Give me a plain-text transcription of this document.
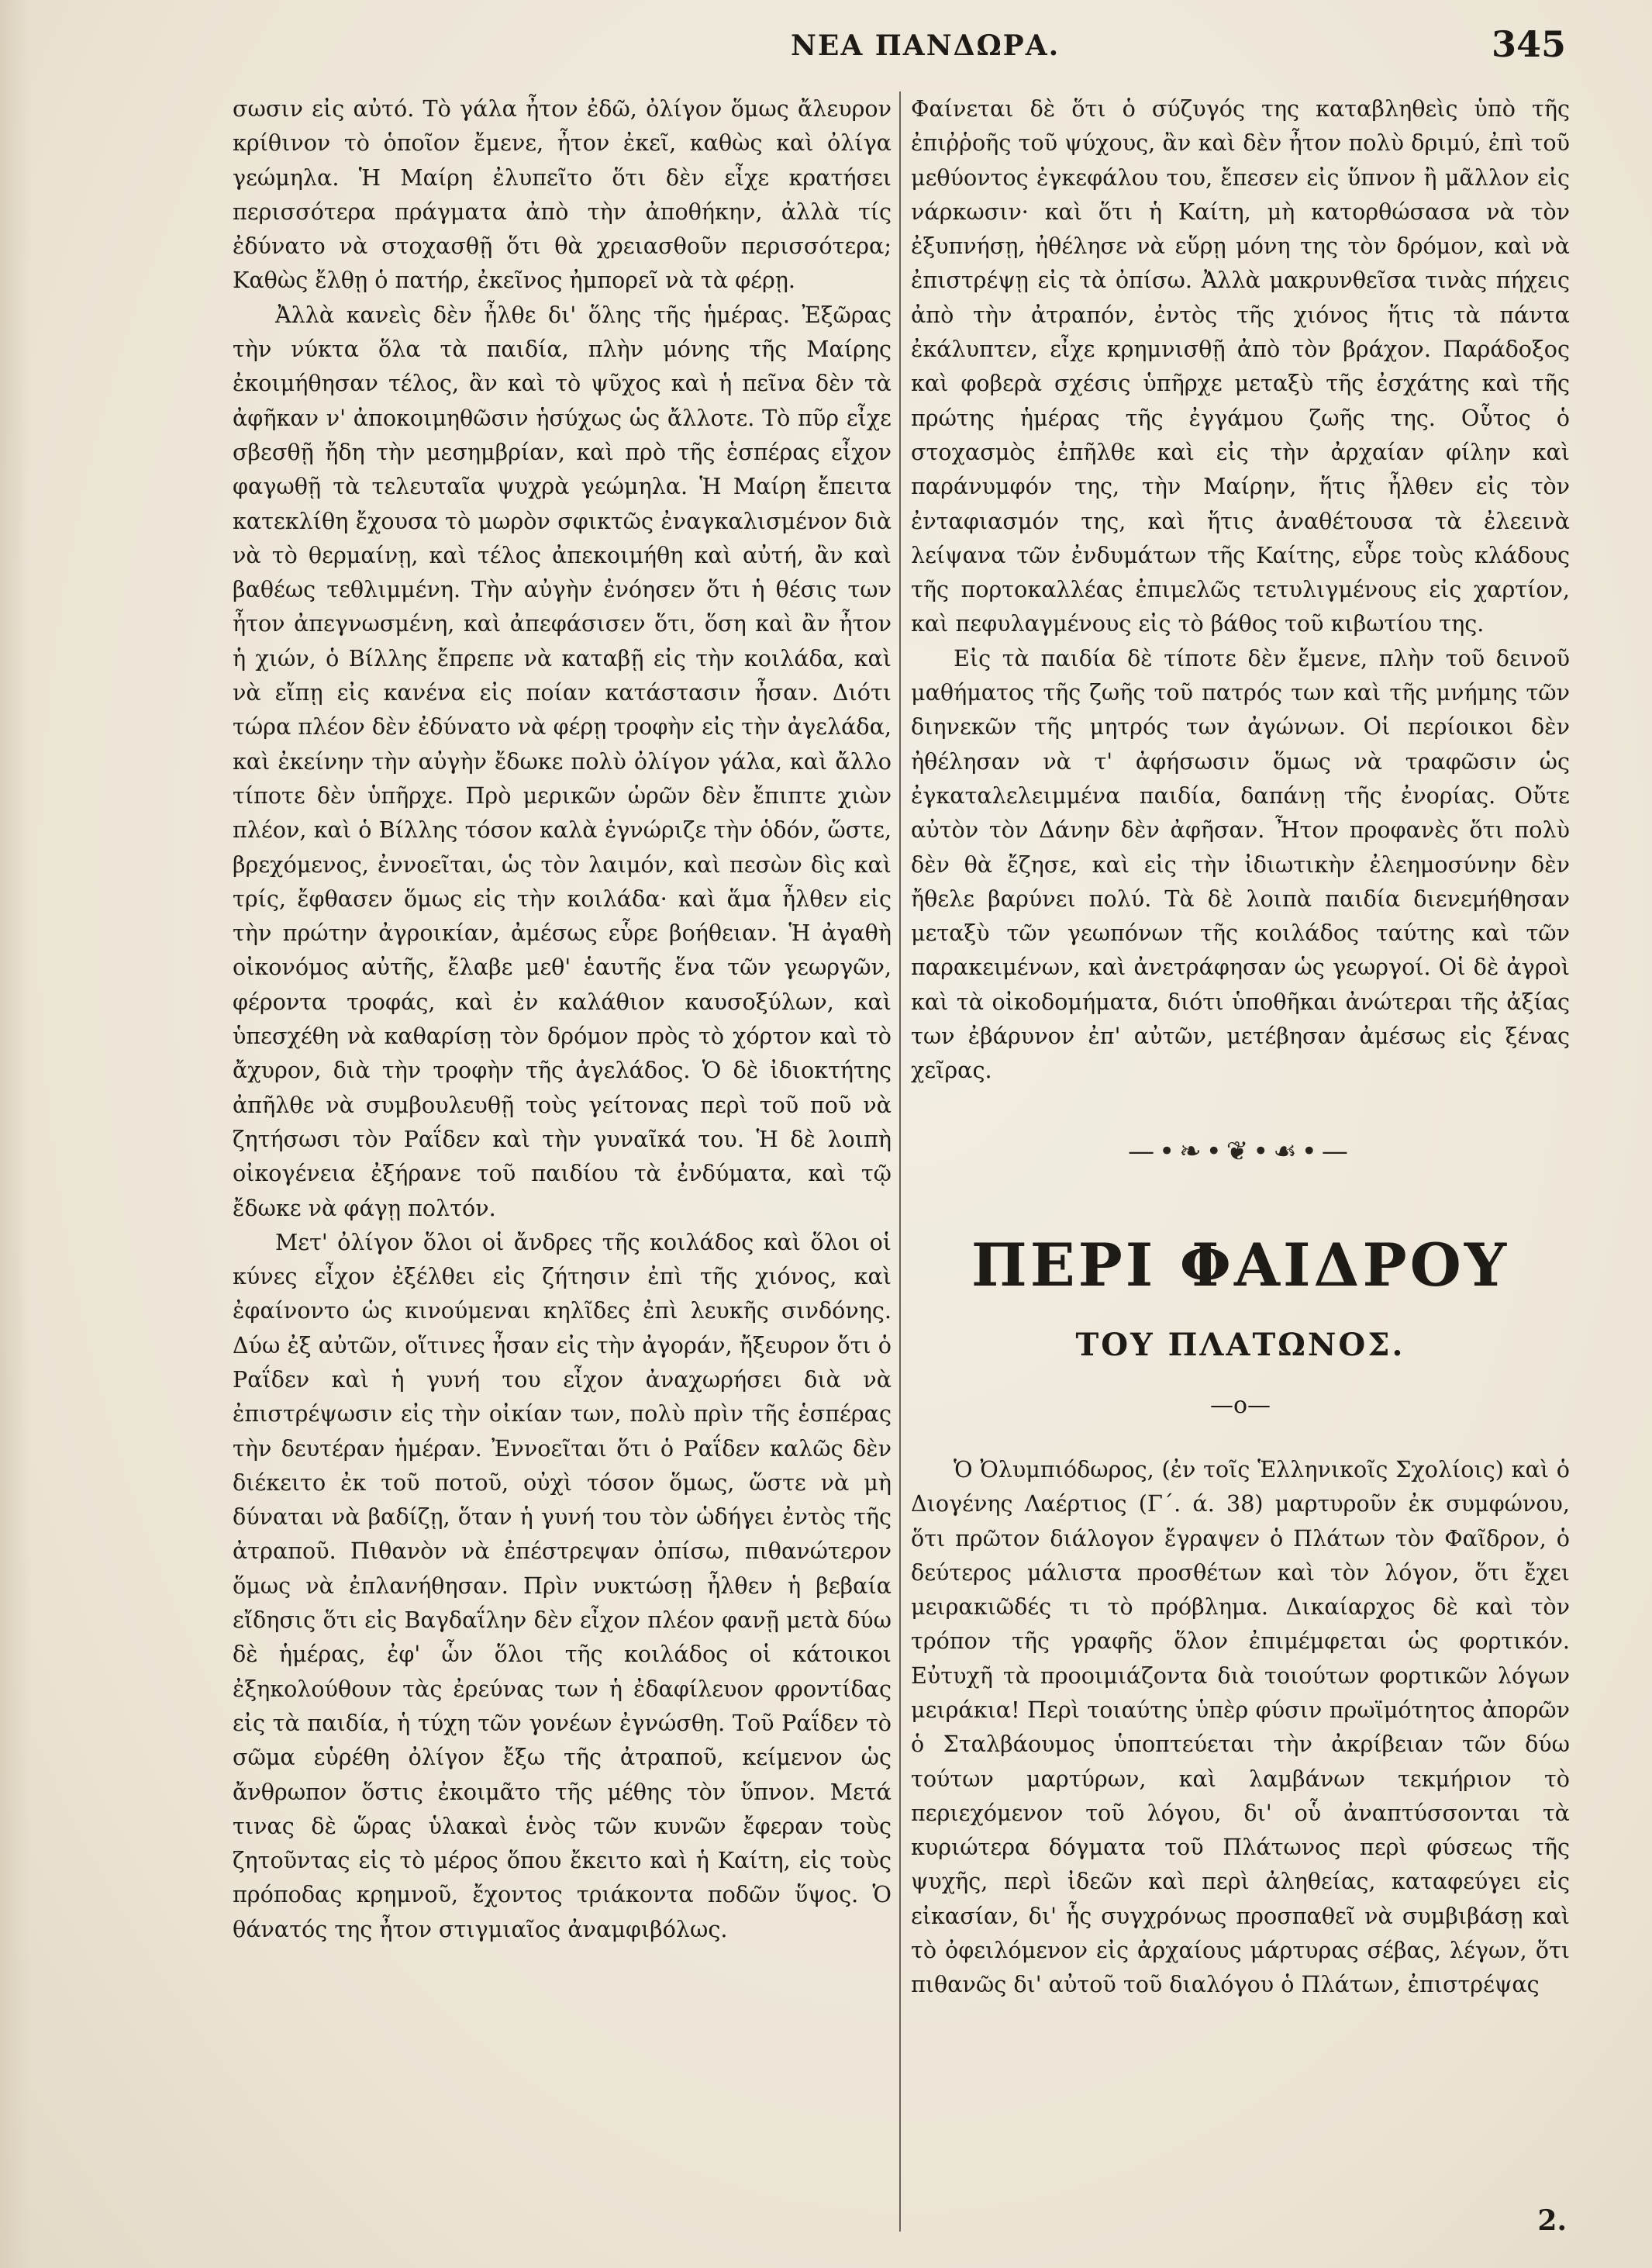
ΝΕΑ ΠΑΝΔΩΡΑ.	345

σωσιν εἰς αὐτό. Τὸ γάλα ἦτον ἐδῶ, ὀλίγον ὅμως ἄλευρον κρίθινον τὸ ὁποῖον ἔμενε, ἦτον ἐκεῖ, καθὼς καὶ ὀλίγα γεώμηλα. Ἡ Μαίρη ἐλυπεῖτο ὅτι δὲν εἶχε κρατήσει περισσότερα πράγματα ἀπὸ τὴν ἀποθήκην, ἀλλὰ τίς ἐδύνατο νὰ στοχασθῇ ὅτι θὰ χρειασθοῦν περισσότερα; Καθὼς ἔλθῃ ὁ πατήρ, ἐκεῖνος ἠμπορεῖ νὰ τὰ φέρῃ.

Ἀλλὰ κανεὶς δὲν ἦλθε δι' ὅλης τῆς ἡμέρας. Ἐξῶρας τὴν νύκτα ὅλα τὰ παιδία, πλὴν μόνης τῆς Μαίρης ἐκοιμήθησαν τέλος, ἂν καὶ τὸ ψῦχος καὶ ἡ πεῖνα δὲν τὰ ἀφῆκαν ν' ἀποκοιμηθῶσιν ἡσύχως ὡς ἄλλοτε. Τὸ πῦρ εἶχε σβεσθῇ ἤδη τὴν μεσημβρίαν, καὶ πρὸ τῆς ἑσπέρας εἶχον φαγωθῇ τὰ τελευταῖα ψυχρὰ γεώμηλα. Ἡ Μαίρη ἔπειτα κατεκλίθη ἔχουσα τὸ μωρὸν σφικτῶς ἐναγκαλισμένον διὰ νὰ τὸ θερμαίνῃ, καὶ τέλος ἀπεκοιμήθη καὶ αὐτή, ἂν καὶ βαθέως τεθλιμμένη. Τὴν αὐγὴν ἐνόησεν ὅτι ἡ θέσις των ἦτον ἀπεγνωσμένη, καὶ ἀπεφάσισεν ὅτι, ὅση καὶ ἂν ἦτον ἡ χιών, ὁ Βίλλης ἔπρεπε νὰ καταβῇ εἰς τὴν κοιλάδα, καὶ νὰ εἴπῃ εἰς κανένα εἰς ποίαν κατάστασιν ἦσαν. Διότι τώρα πλέον δὲν ἐδύνατο νὰ φέρῃ τροφὴν εἰς τὴν ἀγελάδα, καὶ ἐκείνην τὴν αὐγὴν ἔδωκε πολὺ ὀλίγον γάλα, καὶ ἄλλο τίποτε δὲν ὑπῆρχε. Πρὸ μερικῶν ὡρῶν δὲν ἔπιπτε χιὼν πλέον, καὶ ὁ Βίλλης τόσον καλὰ ἐγνώριζε τὴν ὁδόν, ὥστε, βρεχόμενος, ἐννοεῖται, ὡς τὸν λαιμόν, καὶ πεσὼν δὶς καὶ τρίς, ἔφθασεν ὅμως εἰς τὴν κοιλάδα· καὶ ἅμα ἦλθεν εἰς τὴν πρώτην ἀγροικίαν, ἀμέσως εὗρε βοήθειαν. Ἡ ἀγαθὴ οἰκονόμος αὐτῆς, ἔλαβε μεθ' ἑαυτῆς ἕνα τῶν γεωργῶν, φέροντα τροφάς, καὶ ἐν καλάθιον καυσοξύλων, καὶ ὑπεσχέθη νὰ καθαρίσῃ τὸν δρόμον πρὸς τὸ χόρτον καὶ τὸ ἄχυρον, διὰ τὴν τροφὴν τῆς ἀγελάδος. Ὁ δὲ ἰδιοκτήτης ἀπῆλθε νὰ συμβουλευθῇ τοὺς γείτονας περὶ τοῦ ποῦ νὰ ζητήσωσι τὸν Ραΐδεν καὶ τὴν γυναῖκά του. Ἡ δὲ λοιπὴ οἰκογένεια ἐξήρανε τοῦ παιδίου τὰ ἐνδύματα, καὶ τῷ ἔδωκε νὰ φάγῃ πολτόν.

Μετ' ὀλίγον ὅλοι οἱ ἄνδρες τῆς κοιλάδος καὶ ὅλοι οἱ κύνες εἶχον ἐξέλθει εἰς ζήτησιν ἐπὶ τῆς χιόνος, καὶ ἐφαίνοντο ὡς κινούμεναι κηλῖδες ἐπὶ λευκῆς σινδόνης. Δύω ἐξ αὐτῶν, οἵτινες ἦσαν εἰς τὴν ἀγοράν, ἤξευρον ὅτι ὁ Ραΐδεν καὶ ἡ γυνή του εἶχον ἀναχωρήσει διὰ νὰ ἐπιστρέψωσιν εἰς τὴν οἰκίαν των, πολὺ πρὶν τῆς ἑσπέρας τὴν δευτέραν ἡμέραν. Ἐννοεῖται ὅτι ὁ Ραΐδεν καλῶς δὲν διέκειτο ἐκ τοῦ ποτοῦ, οὐχὶ τόσον ὅμως, ὥστε νὰ μὴ δύναται νὰ βαδίζῃ, ὅταν ἡ γυνή του τὸν ὡδήγει ἐντὸς τῆς ἀτραποῦ. Πιθανὸν νὰ ἐπέστρεψαν ὀπίσω, πιθανώτερον ὅμως νὰ ἐπλανήθησαν. Πρὶν νυκτώσῃ ἦλθεν ἡ βεβαία εἴδησις ὅτι εἰς Βαγδαΐλην δὲν εἶχον πλέον φανῇ μετὰ δύω δὲ ἡμέρας, ἐφ' ὧν ὅλοι τῆς κοιλάδος οἱ κάτοικοι ἐξηκολούθουν τὰς ἐρεύνας των ἡ ἐδαφίλευον φροντίδας εἰς τὰ παιδία, ἡ τύχη τῶν γονέων ἐγνώσθη. Τοῦ Ραΐδεν τὸ σῶμα εὑρέθη ὀλίγον ἔξω τῆς ἀτραποῦ, κείμενον ὡς ἄνθρωπον ὅστις ἐκοιμᾶτο τῆς μέθης τὸν ὕπνον. Μετά τινας δὲ ὥρας ὑλακαὶ ἑνὸς τῶν κυνῶν ἔφεραν τοὺς ζητοῦντας εἰς τὸ μέρος ὅπου ἔκειτο καὶ ἡ Καίτη, εἰς τοὺς πρόποδας κρημνοῦ, ἔχοντος τριάκοντα ποδῶν ὕψος. Ὁ θάνατός της ἦτον στιγμιαῖος ἀναμφιβόλως.

Φαίνεται δὲ ὅτι ὁ σύζυγός της καταβληθεὶς ὑπὸ τῆς ἐπιῤῥοῆς τοῦ ψύχους, ἂν καὶ δὲν ἦτον πολὺ δριμύ, ἐπὶ τοῦ μεθύοντος ἐγκεφάλου του, ἔπεσεν εἰς ὕπνον ἢ μᾶλλον εἰς νάρκωσιν· καὶ ὅτι ἡ Καίτη, μὴ κατορθώσασα νὰ τὸν ἐξυπνήσῃ, ἠθέλησε νὰ εὕρῃ μόνη της τὸν δρόμον, καὶ νὰ ἐπιστρέψῃ εἰς τὰ ὀπίσω. Ἀλλὰ μακρυνθεῖσα τινὰς πήχεις ἀπὸ τὴν ἀτραπόν, ἐντὸς τῆς χιόνος ἥτις τὰ πάντα ἐκάλυπτεν, εἶχε κρημνισθῇ ἀπὸ τὸν βράχον. Παράδοξος καὶ φοβερὰ σχέσις ὑπῆρχε μεταξὺ τῆς ἐσχάτης καὶ τῆς πρώτης ἡμέρας τῆς ἐγγάμου ζωῆς της. Οὗτος ὁ στοχασμὸς ἐπῆλθε καὶ εἰς τὴν ἀρχαίαν φίλην καὶ παράνυμφόν της, τὴν Μαίρην, ἥτις ἦλθεν εἰς τὸν ἐνταφιασμόν της, καὶ ἥτις ἀναθέτουσα τὰ ἐλεεινὰ λείψανα τῶν ἐνδυμάτων τῆς Καίτης, εὗρε τοὺς κλάδους τῆς πορτοκαλλέας ἐπιμελῶς τετυλιγμένους εἰς χαρτίον, καὶ πεφυλαγμένους εἰς τὸ βάθος τοῦ κιβωτίου της.

Εἰς τὰ παιδία δὲ τίποτε δὲν ἔμενε, πλὴν τοῦ δεινοῦ μαθήματος τῆς ζωῆς τοῦ πατρός των καὶ τῆς μνήμης τῶν διηνεκῶν τῆς μητρός των ἀγώνων. Οἱ περίοικοι δὲν ἠθέλησαν νὰ τ' ἀφήσωσιν ὅμως νὰ τραφῶσιν ὡς ἐγκαταλελειμμένα παιδία, δαπάνῃ τῆς ἐνορίας. Οὔτε αὐτὸν τὸν Δάνην δὲν ἀφῆσαν. Ἦτον προφανὲς ὅτι πολὺ δὲν θὰ ἔζησε, καὶ εἰς τὴν ἰδιωτικὴν ἐλεημοσύνην δὲν ἤθελε βαρύνει πολύ. Τὰ δὲ λοιπὰ παιδία διενεμήθησαν μεταξὺ τῶν γεωπόνων τῆς κοιλάδος ταύτης καὶ τῶν παρακειμένων, καὶ ἀνετράφησαν ὡς γεωργοί. Οἱ δὲ ἀγροὶ καὶ τὰ οἰκοδομήματα, διότι ὑποθῆκαι ἀνώτεραι τῆς ἀξίας των ἐβάρυνον ἐπ' αὐτῶν, μετέβησαν ἀμέσως εἰς ξένας χεῖρας.

—•❧•❦•☙•—
ΠΕΡΙ ΦΑΙΔΡΟΥ
ΤΟΥ ΠΛΑΤΩΝΟΣ.
—o—

Ὁ Ὀλυμπιόδωρος, (ἐν τοῖς Ἑλληνικοῖς Σχολίοις) καὶ ὁ Διογένης Λαέρτιος (Γ΄. ά. 38) μαρτυροῦν ἐκ συμφώνου, ὅτι πρῶτον διάλογον ἔγραψεν ὁ Πλάτων τὸν Φαῖδρον, ὁ δεύτερος μάλιστα προσθέτων καὶ τὸν λόγον, ὅτι ἔχει μειρακιῶδές τι τὸ πρόβλημα. Δικαίαρχος δὲ καὶ τὸν τρόπον τῆς γραφῆς ὅλον ἐπιμέμφεται ὡς φορτικόν. Εὐτυχῆ τὰ προοιμιάζοντα διὰ τοιούτων φορτικῶν λόγων μειράκια! Περὶ τοιαύτης ὑπὲρ φύσιν πρωϊμότητος ἀπορῶν ὁ Σταλβάουμος ὑποπτεύεται τὴν ἀκρίβειαν τῶν δύω τούτων μαρτύρων, καὶ λαμβάνων τεκμήριον τὸ περιεχόμενον τοῦ λόγου, δι' οὗ ἀναπτύσσονται τὰ κυριώτερα δόγματα τοῦ Πλάτωνος περὶ φύσεως τῆς ψυχῆς, περὶ ἰδεῶν καὶ περὶ ἀληθείας, καταφεύγει εἰς εἰκασίαν, δι' ἧς συγχρόνως προσπαθεῖ νὰ συμβιβάσῃ καὶ τὸ ὀφειλόμενον εἰς ἀρχαίους μάρτυρας σέβας, λέγων, ὅτι πιθανῶς δι' αὐτοῦ τοῦ διαλόγου ὁ Πλάτων, ἐπιστρέψας

2.
